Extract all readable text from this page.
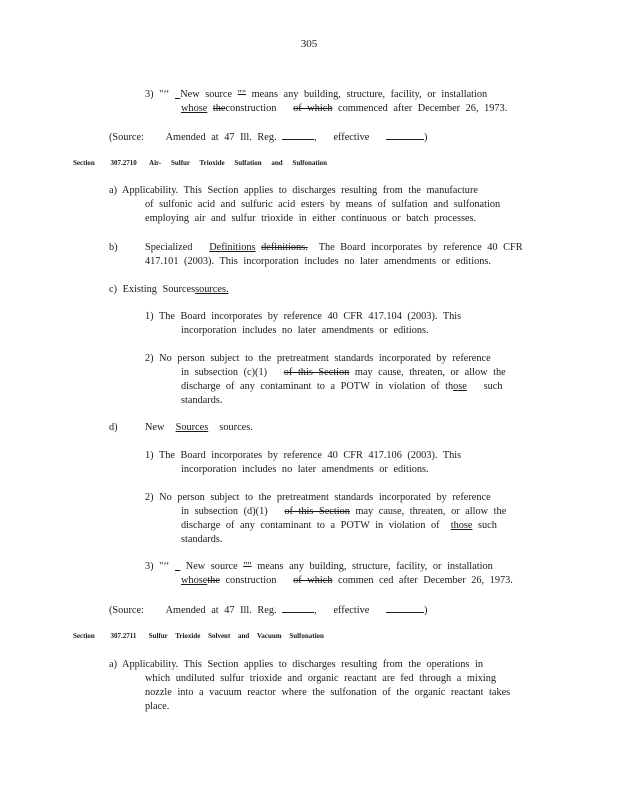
305
3) "‘‘ _New source "" means any building, structure, facility, or installation
whose theconstruction of which commenced after December 26, 1973.
(Source: Amended at 47 Ill. Reg.	, effective	)
Section 307.2710 Air- Sulfur Trioxide Sulfation and Sulfonation
a) Applicability. This Section applies to discharges resulting from the manufacture
of sulfonic acid and sulfuric acid esters by means of sulfation and sulfonation
employing air and sulfur trioxide in either continuous or batch processes.
b)	Specialized Definitions definitions. The Board incorporates by reference 40 CFR
417.101 (2003). This incorporation includes no later amendments or editions.
c) Existing Sourcessources.
1) The Board incorporates by reference 40 CFR 417.104 (2003). This
incorporation includes no later amendments or editions.
2) No person subject to the pretreatment standards incorporated by reference
in subsection (c)(1) of this Section may cause, threaten, or allow the
discharge of any contaminant to a POTW in violation of those such
standards.
d)	New Sources sources.
1) The Board incorporates by reference 40 CFR 417.106 (2003). This
incorporation includes no later amendments or editions.
2) No person subject to the pretreatment standards incorporated by reference
in subsection (d)(1) of this Section may cause, threaten, or allow the
discharge of any contaminant to a POTW in violation of those such
standards.
3) "‘‘ _ New source "" means any building, structure, facility, or installation
whosethe construction of which commen ced after December 26, 1973.
(Source: Amended at 47 Ill. Reg.	, effective	)
Section 307.2711 Sulfur Trioxide Solvent and Vacuum Sulfonation
a) Applicability. This Section applies to discharges resulting from the operations in
which undiluted sulfur trioxide and organic reactant are fed through a mixing
nozzle into a vacuum reactor where the sulfonation of the organic reactant takes
place.
